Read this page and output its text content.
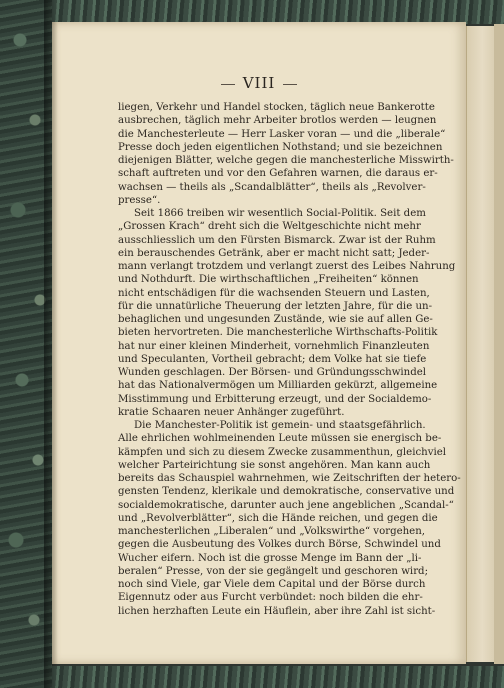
VIII
liegen, Verkehr und Handel stocken, täglich neue Bankerotte
ausbrechen, täglich mehr Arbeiter brotlos werden — leugnen
die Manchesterleute — Herr Lasker voran — und die „liberale“
Presse doch jeden eigentlichen Nothstand; und sie bezeichnen
diejenigen Blätter, welche gegen die manchesterliche Misswirth-
schaft auftreten und vor den Gefahren warnen, die daraus er-
wachsen — theils als „Scandalblätter“, theils als „Revolver-
presse“.
Seit 1866 treiben wir wesentlich Social-Politik. Seit dem
„Grossen Krach“ dreht sich die Weltgeschichte nicht mehr
ausschliesslich um den Fürsten Bismarck. Zwar ist der Ruhm
ein berauschendes Getränk, aber er macht nicht satt; Jeder-
mann verlangt trotzdem und verlangt zuerst des Leibes Nahrung
und Nothdurft. Die wirthschaftlichen „Freiheiten“ können
nicht entschädigen für die wachsenden Steuern und Lasten,
für die unnatürliche Theuerung der letzten Jahre, für die un-
behaglichen und ungesunden Zustände, wie sie auf allen Ge-
bieten hervortreten. Die manchesterliche Wirthschafts-Politik
hat nur einer kleinen Minderheit, vornehmlich Finanzleuten
und Speculanten, Vortheil gebracht; dem Volke hat sie tiefe
Wunden geschlagen. Der Börsen- und Gründungsschwindel
hat das Nationalvermögen um Milliarden gekürzt, allgemeine
Misstimmung und Erbitterung erzeugt, und der Socialdemo-
kratie Schaaren neuer Anhänger zugeführt.
Die Manchester-Politik ist gemein- und staatsgefährlich.
Alle ehrlichen wohlmeinenden Leute müssen sie energisch be-
kämpfen und sich zu diesem Zwecke zusammenthun, gleichviel
welcher Parteirichtung sie sonst angehören. Man kann auch
bereits das Schauspiel wahrnehmen, wie Zeitschriften der hetero-
gensten Tendenz, klerikale und demokratische, conservative und
socialdemokratische, darunter auch jene angeblichen „Scandal-“
und „Revolverblätter“, sich die Hände reichen, und gegen die
manchesterlichen „Liberalen“ und „Volkswirthe“ vorgehen,
gegen die Ausbeutung des Volkes durch Börse, Schwindel und
Wucher eifern. Noch ist die grosse Menge im Bann der „li-
beralen“ Presse, von der sie gegängelt und geschoren wird;
noch sind Viele, gar Viele dem Capital und der Börse durch
Eigennutz oder aus Furcht verbündet: noch bilden die ehr-
lichen herzhaften Leute ein Häuflein, aber ihre Zahl ist sicht-
